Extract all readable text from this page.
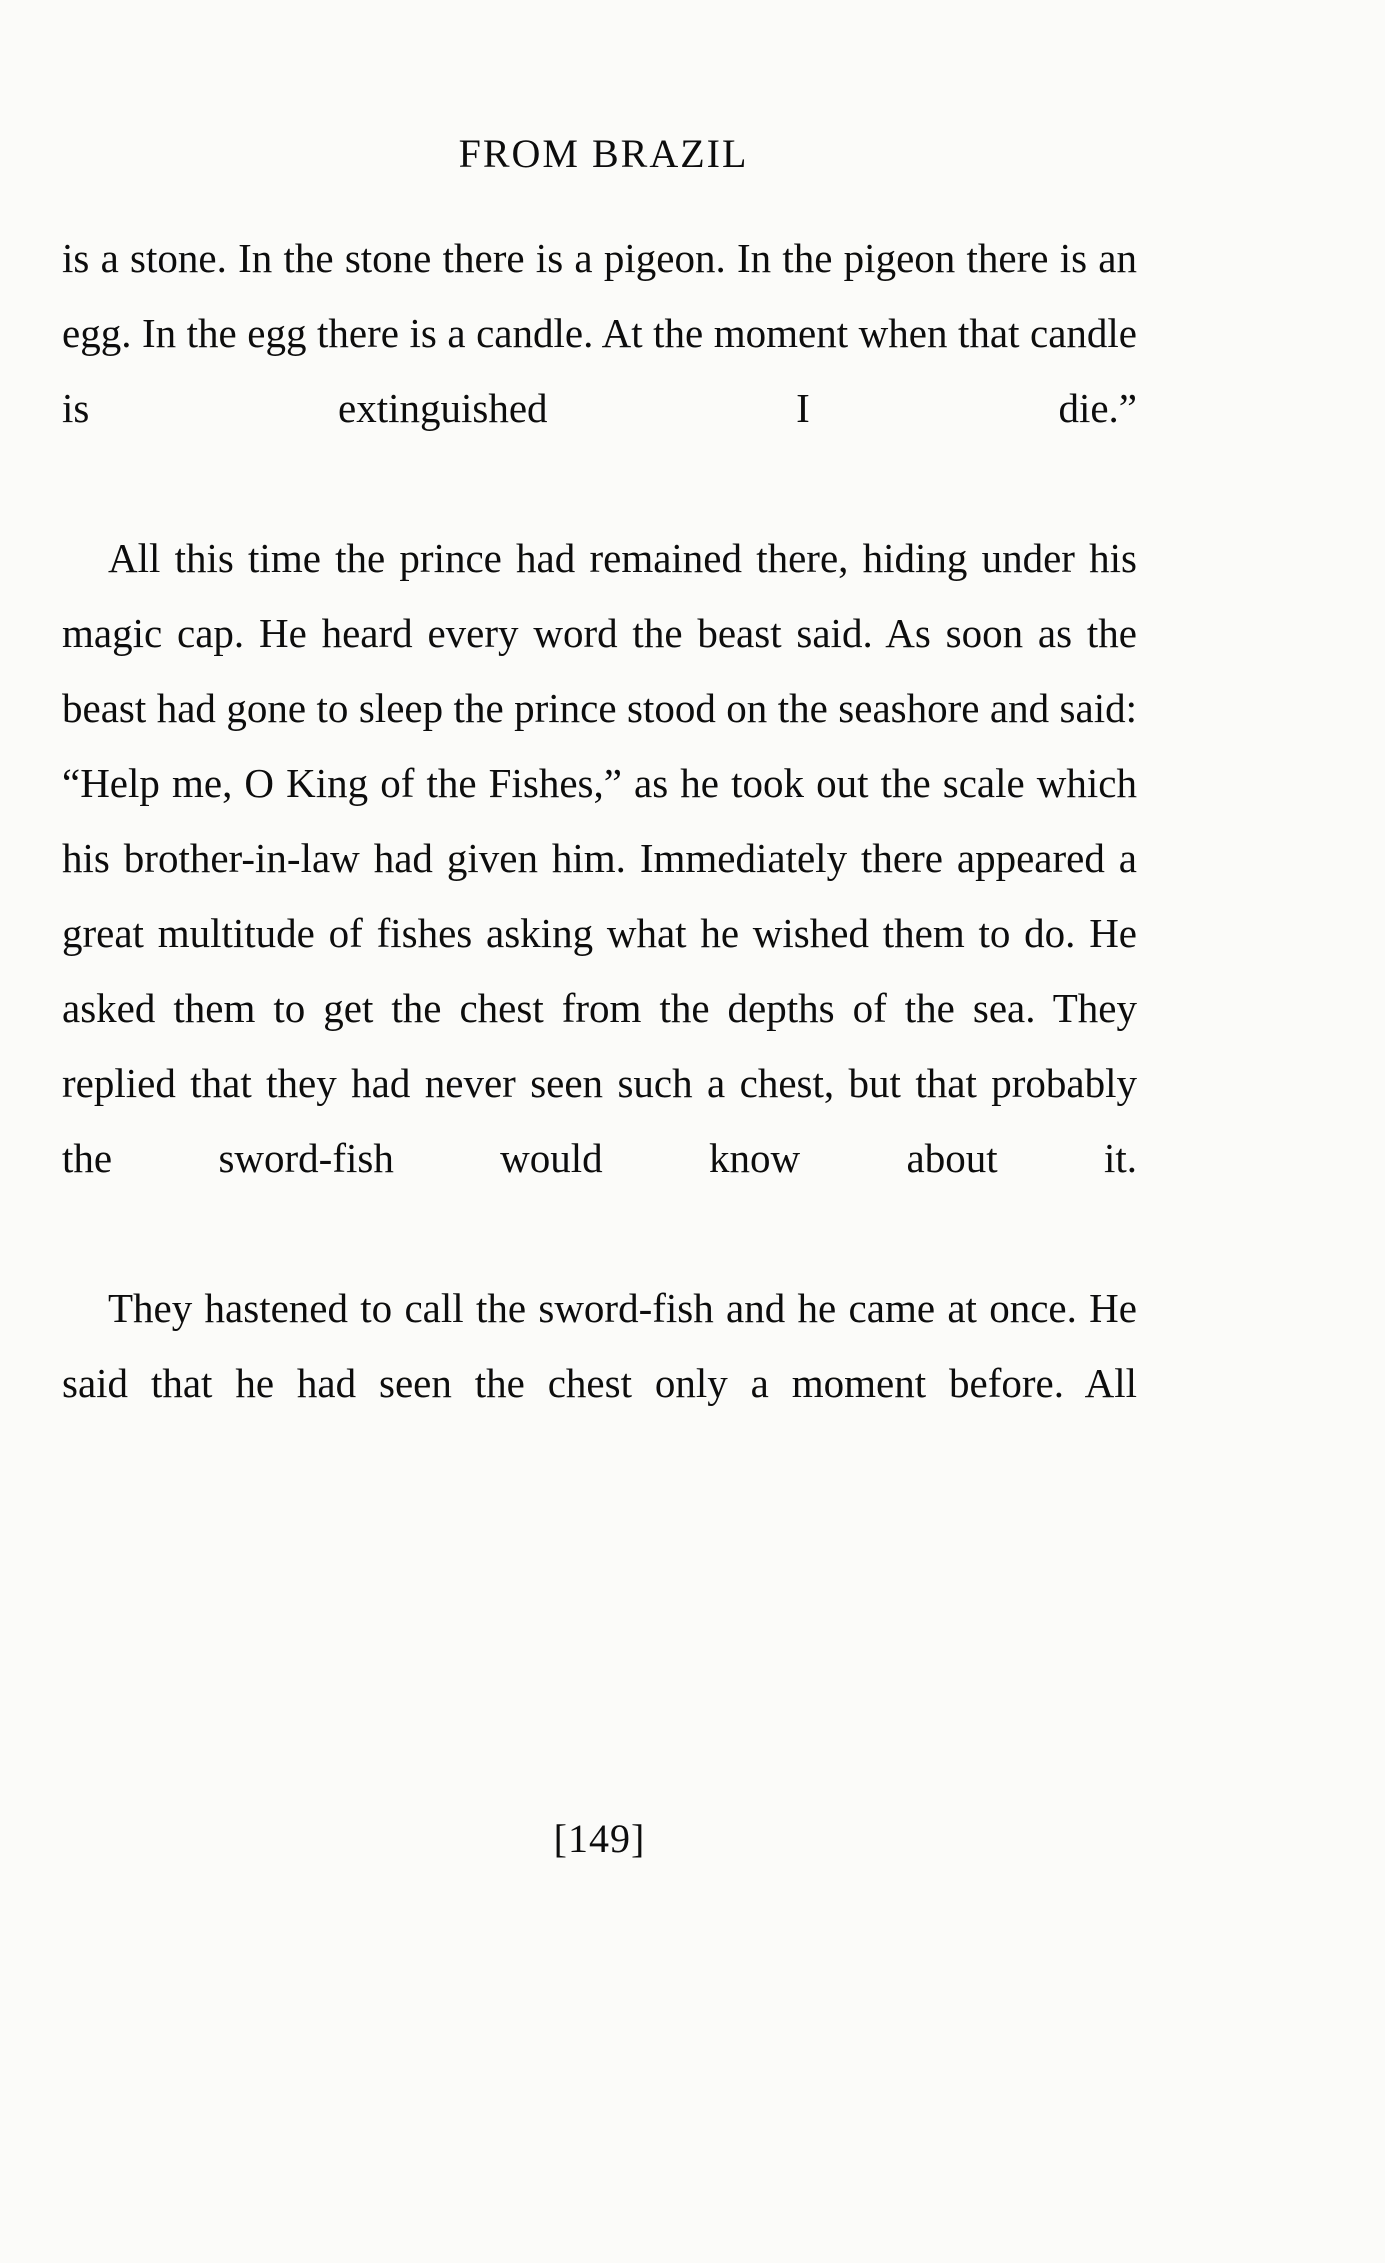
FROM BRAZIL

is a stone. In the stone there is a pigeon. In the pigeon there is an egg. In the egg there is a candle. At the moment when that candle is extinguished I die.”

All this time the prince had remained there, hiding under his magic cap. He heard every word the beast said. As soon as the beast had gone to sleep the prince stood on the seashore and said: “Help me, O King of the Fishes,” as he took out the scale which his brother-in-law had given him. Immediately there appeared a great multitude of fishes asking what he wished them to do. He asked them to get the chest from the depths of the sea. They replied that they had never seen such a chest, but that probably the sword-fish would know about it.

They hastened to call the sword-fish and he came at once. He said that he had seen the chest only a moment before. All

[149]
